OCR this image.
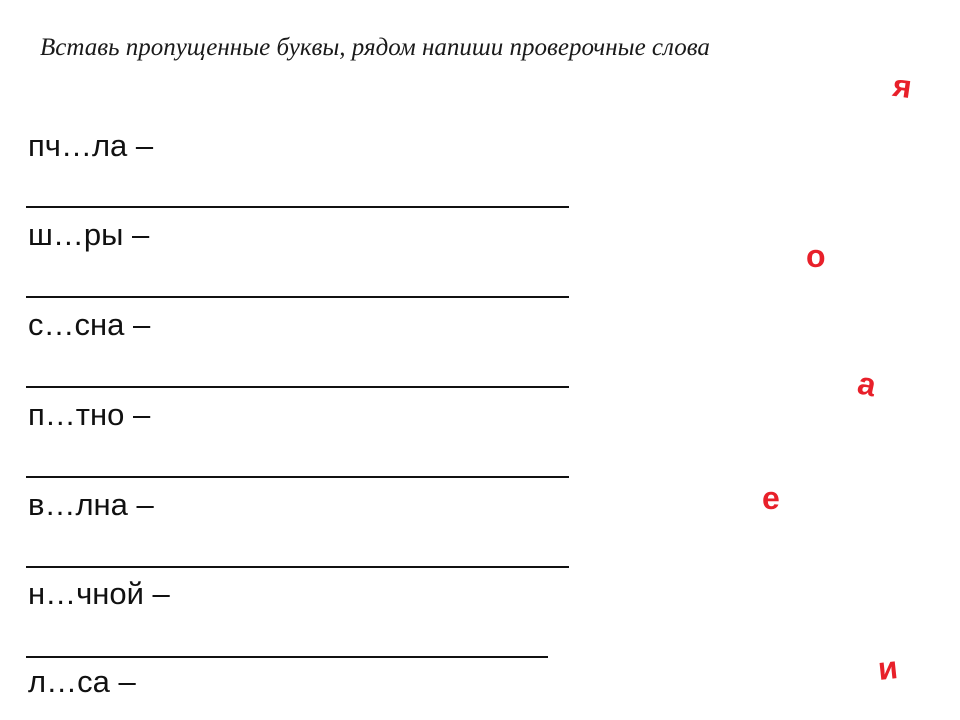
Вставь пропущенные буквы, рядом напиши проверочные слова
пч…ла –
ш…ры –
с…сна –
п…тно –
в…лна –
н…чной –
л…са –
я
о
а
е
и
